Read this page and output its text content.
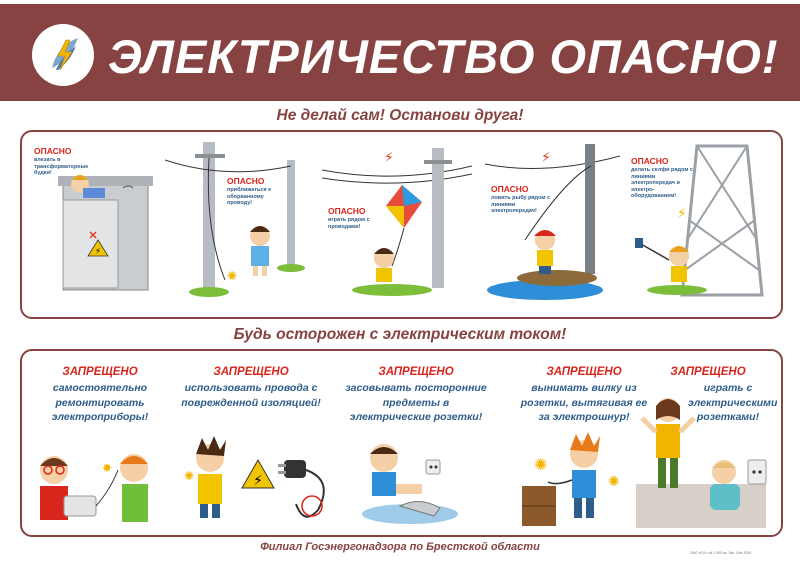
ЭЛЕКТРИЧЕСТВО ОПАСНО!
Не делай сам! Останови друга!
⚡
ОПАСНО
влезать в трансформаторные будки!
✺
ОПАСНО
приближаться к оборванному проводу!
⚡
ОПАСНО
играть рядом с проводами!
⚡
ОПАСНО
ловить рыбу рядом с линиями электропередач!	⚡
ОПАСНО
делать селфи рядом с линиями электропередач и электро-оборудованием!
Будь осторожен с электрическим током!
ЗАПРЕЩЕНО
самостоятельно ремонтировать электроприборы!
✸
ЗАПРЕЩЕНО
использовать провода с поврежденной изоляцией!
✺	⚡
ЗАПРЕЩЕНО
засовывать посторонние предметы в электрические розетки!
ЗАПРЕЩЕНО
вынимать вилку из розетки, вытягивая ее за электрошнур!
✺
✺
ЗАПРЕЩЕНО
играть с электрическими розетками!
Филиал Госэнергонадзора по Брестской области	ОАО «ЕЛ» з/к 1 000 ак. Зак. 1/№ 2020
